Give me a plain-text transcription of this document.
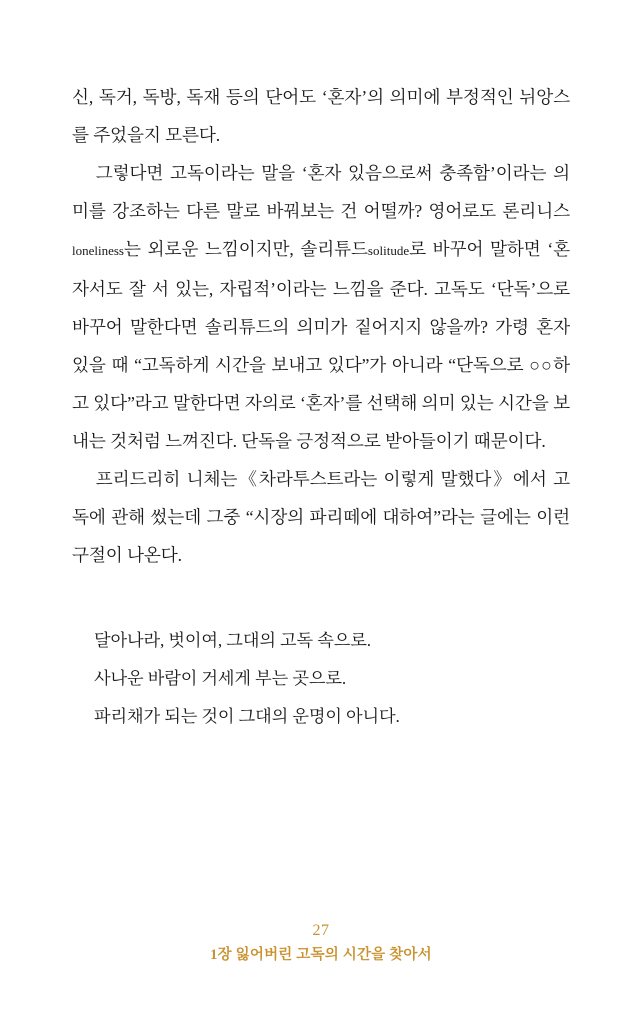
신, 독거, 독방, 독재 등의 단어도 ‘혼자’의 의미에 부정적인 뉘앙스를 주었을지 모른다.

그렇다면 고독이라는 말을 ‘혼자 있음으로써 충족함’이라는 의미를 강조하는 다른 말로 바꿔보는 건 어떨까? 영어로도 론리니스loneliness는 외로운 느낌이지만, 솔리튜드solitude로 바꾸어 말하면 ‘혼자서도 잘 서 있는, 자립적’이라는 느낌을 준다. 고독도 ‘단독’으로 바꾸어 말한다면 솔리튜드의 의미가 짙어지지 않을까? 가령 혼자 있을 때 “고독하게 시간을 보내고 있다”가 아니라 “단독으로 ○○하고 있다”라고 말한다면 자의로 ‘혼자’를 선택해 의미 있는 시간을 보내는 것처럼 느껴진다. 단독을 긍정적으로 받아들이기 때문이다.

프리드리히 니체는《차라투스트라는 이렇게 말했다》에서 고독에 관해 썼는데 그중 “시장의 파리떼에 대하여”라는 글에는 이런 구절이 나온다.

달아나라, 벗이여, 그대의 고독 속으로.

사나운 바람이 거세게 부는 곳으로.

파리채가 되는 것이 그대의 운명이 아니다.

27
1장 잃어버린 고독의 시간을 찾아서
